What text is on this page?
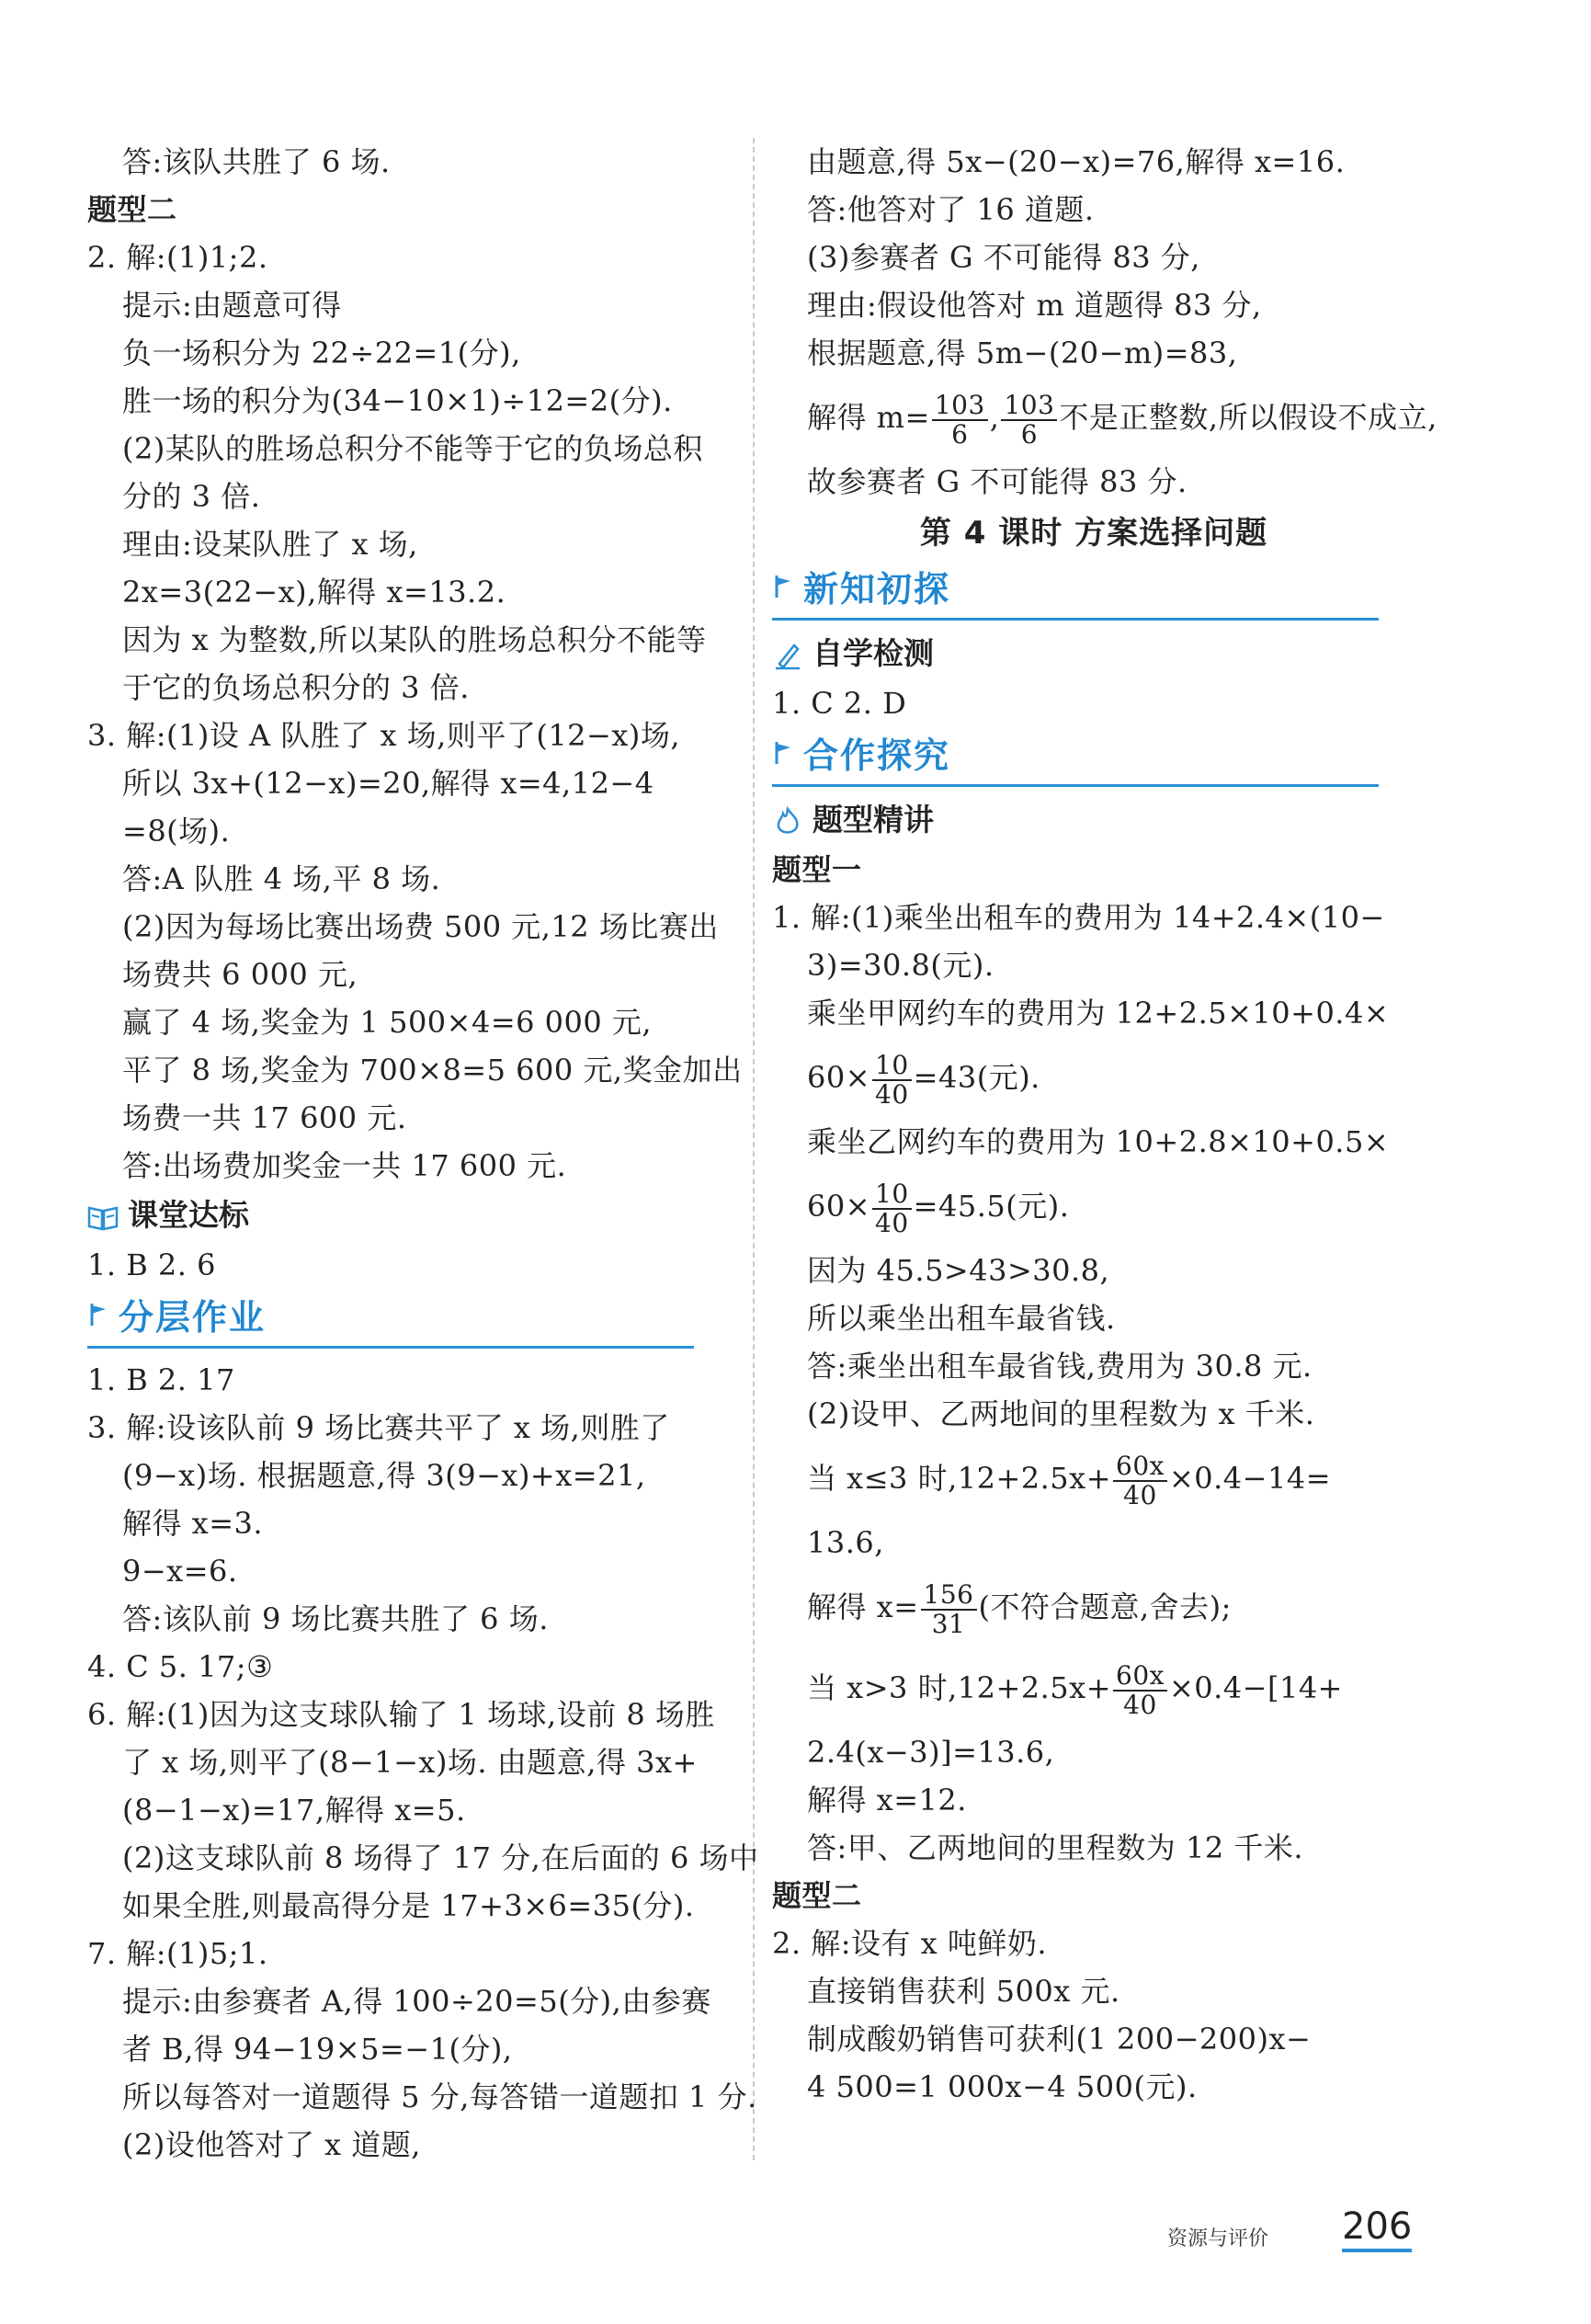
答:该队共胜了 6 场.
题型二
2. 解:(1)1;2.
提示:由题意可得
负一场积分为 22÷22=1(分),
胜一场的积分为(34−10×1)÷12=2(分).
(2)某队的胜场总积分不能等于它的负场总积
分的 3 倍.
理由:设某队胜了 x 场,
2x=3(22−x),解得 x=13.2.
因为 x 为整数,所以某队的胜场总积分不能等
于它的负场总积分的 3 倍.
3. 解:(1)设 A 队胜了 x 场,则平了(12−x)场,
所以 3x+(12−x)=20,解得 x=4,12−4
=8(场).
答:A 队胜 4 场,平 8 场.
(2)因为每场比赛出场费 500 元,12 场比赛出
场费共 6 000 元,
赢了 4 场,奖金为 1 500×4=6 000 元,
平了 8 场,奖金为 700×8=5 600 元,奖金加出
场费一共 17 600 元.
答:出场费加奖金一共 17 600 元.
课堂达标
1. B 2. 6
分层作业
1. B 2. 17
3. 解:设该队前 9 场比赛共平了 x 场,则胜了
(9−x)场. 根据题意,得 3(9−x)+x=21,
解得 x=3.
9−x=6.
答:该队前 9 场比赛共胜了 6 场.
4. C 5. 17;③
6. 解:(1)因为这支球队输了 1 场球,设前 8 场胜
了 x 场,则平了(8−1−x)场. 由题意,得 3x+
(8−1−x)=17,解得 x=5.
(2)这支球队前 8 场得了 17 分,在后面的 6 场中
如果全胜,则最高得分是 17+3×6=35(分).
7. 解:(1)5;1.
提示:由参赛者 A,得 100÷20=5(分),由参赛
者 B,得 94−19×5=−1(分),
所以每答对一道题得 5 分,每答错一道题扣 1 分.
(2)设他答对了 x 道题,
由题意,得 5x−(20−x)=76,解得 x=16.
答:他答对了 16 道题.
(3)参赛者 G 不可能得 83 分,
理由:假设他答对 m 道题得 83 分,
根据题意,得 5m−(20−m)=83,
解得 $m= \frac{103}{6}$ , $\frac{103}{6}$ 不是正整数,所以假设不成立,
故参赛者 G 不可能得 83 分.
第 4 课时 方案选择问题
新知初探
自学检测
1. C 2. D
合作探究
题型精讲
题型一
1. 解:(1)乘坐出租车的费用为 14+2.4×(10−
3)=30.8(元).
乘坐甲网约车的费用为 12+2.5×10+0.4×
$60\times \frac{10}{40} =43$(元).
乘坐乙网约车的费用为 10+2.8×10+0.5×
$60\times \frac{10}{40} =45.5$(元).
因为 45.5>43>30.8,
所以乘坐出租车最省钱.
答:乘坐出租车最省钱,费用为 30.8 元.
(2)设甲、乙两地间的里程数为 x 千米.
当 x≤3 时$,12+2.5x+ \frac{60x}{40} \times 0.4-14=$
13.6,
解得 $x= \frac{156}{31}$ (不符合题意,舍去);
当 x>3 时$,12+2.5x+ \frac{60x}{40} \times 0.4-[14+$
2.4(x−3)]=13.6,
解得 x=12.
答:甲、乙两地间的里程数为 12 千米.
题型二
2. 解:设有 x 吨鲜奶.
直接销售获利 500x 元.
制成酸奶销售可获利(1 200−200)x−
4 500=1 000x−4 500(元).
资源与评价 206
